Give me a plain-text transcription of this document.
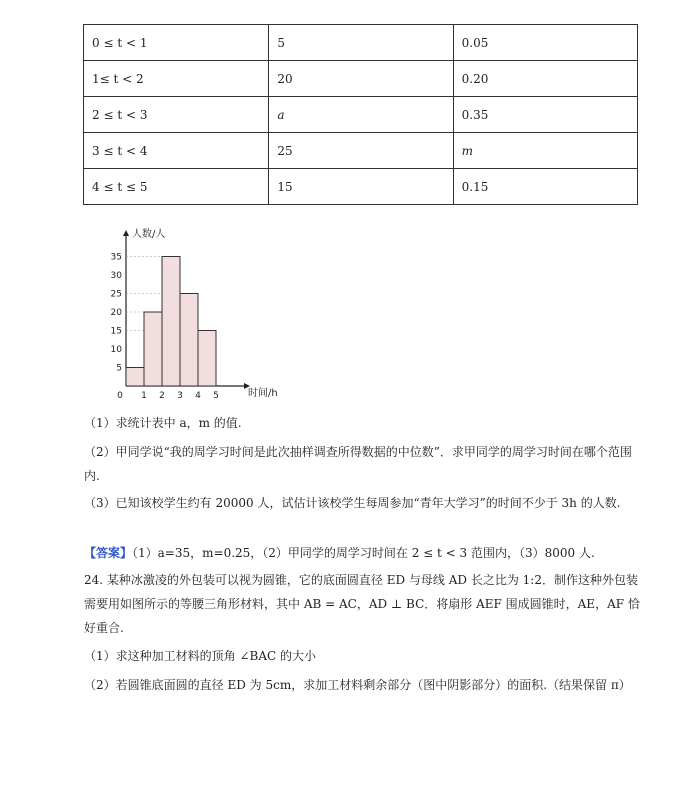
0 ≤ t < 1	5	0.05
1≤ t < 2	20	0.20
2 ≤ t < 3	a	0.35
3 ≤ t < 4	25	m
4 ≤ t ≤ 5	15	0.15
5
10
15
20
25
30
35
0 1 2 3 4 5
人数/人
时间/h

（1）求统计表中 a，m 的值.

（2）甲同学说“我的周学习时间是此次抽样调查所得数据的中位数”．求甲同学的周学习时间在哪个范围内.

（3）已知该校学生约有 20000 人，试估计该校学生每周参加“青年大学习”的时间不少于 3h 的人数.

【答案】（1）a=35，m=0.25，（2）甲同学的周学习时间在 2 ≤ t < 3 范围内，（3）8000 人.

24. 某种冰激凌的外包装可以视为圆锥，它的底面圆直径 ED 与母线 AD 长之比为 1:2．制作这种外包装需要用如图所示的等腰三角形材料，其中 AB = AC，AD ⊥ BC．将扇形 AEF 围成圆锥时，AE，AF 恰好重合.

（1）求这种加工材料的顶角 ∠BAC 的大小

（2）若圆锥底面圆的直径 ED 为 5cm，求加工材料剩余部分（图中阴影部分）的面积.（结果保留 π）
